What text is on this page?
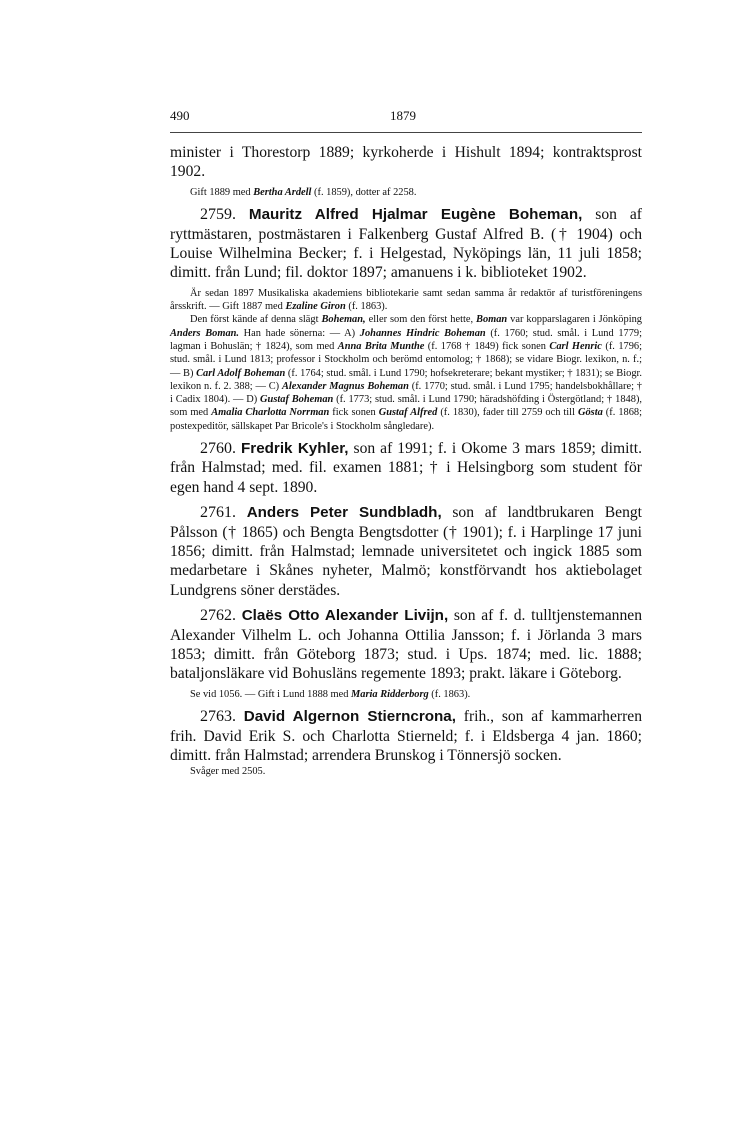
490	1879

minister i Thorestorp 1889; kyrkoherde i Hishult 1894; kontraktsprost 1902.

Gift 1889 med Bertha Ardell (f. 1859), dotter af 2258.

2759. Mauritz Alfred Hjalmar Eugène Boheman, son af ryttmästaren, postmästaren i Falkenberg Gustaf Alfred B. († 1904) och Louise Wilhelmina Becker; f. i Helgestad, Nyköpings län, 11 juli 1858; dimitt. från Lund; fil. doktor 1897; amanuens i k. biblioteket 1902.

Är sedan 1897 Musikaliska akademiens bibliotekarie samt sedan samma år redaktör af turistföreningens årsskrift. — Gift 1887 med Ezaline Giron (f. 1863).

Den först kände af denna slägt Boheman, eller som den först hette, Boman var kopparslagaren i Jönköping Anders Boman. Han hade sönerna: — A) Johannes Hindric Boheman (f. 1760; stud. smål. i Lund 1779; lagman i Bohuslän; † 1824), som med Anna Brita Munthe (f. 1768 † 1849) fick sonen Carl Henric (f. 1796; stud. smål. i Lund 1813; professor i Stockholm och berömd entomolog; † 1868); se vidare Biogr. lexikon, n. f.; — B) Carl Adolf Boheman (f. 1764; stud. smål. i Lund 1790; hofsekreterare; bekant mystiker; † 1831); se Biogr. lexikon n. f. 2. 388; — C) Alexander Magnus Boheman (f. 1770; stud. smål. i Lund 1795; handelsbokhållare; † i Cadix 1804). — D) Gustaf Boheman (f. 1773; stud. smål. i Lund 1790; häradshöfding i Östergötland; † 1848), som med Amalia Charlotta Norrman fick sonen Gustaf Alfred (f. 1830), fader till 2759 och till Gösta (f. 1868; postexpeditör, sällskapet Par Bricole's i Stockholm sångledare).

2760. Fredrik Kyhler, son af 1991; f. i Okome 3 mars 1859; dimitt. från Halmstad; med. fil. examen 1881; † i Helsingborg som student för egen hand 4 sept. 1890.

2761. Anders Peter Sundbladh, son af landtbrukaren Bengt Pålsson († 1865) och Bengta Bengtsdotter († 1901); f. i Harplinge 17 juni 1856; dimitt. från Halmstad; lemnade universitetet och ingick 1885 som medarbetare i Skånes nyheter, Malmö; konstförvandt hos aktiebolaget Lundgrens söner derstädes.

2762. Claës Otto Alexander Livijn, son af f. d. tulltjenstemannen Alexander Vilhelm L. och Johanna Ottilia Jansson; f. i Jörlanda 3 mars 1853; dimitt. från Göteborg 1873; stud. i Ups. 1874; med. lic. 1888; bataljonsläkare vid Bohusläns regemente 1893; prakt. läkare i Göteborg.

Se vid 1056. — Gift i Lund 1888 med Maria Ridderborg (f. 1863).

2763. David Algernon Stierncrona, frih., son af kammarherren frih. David Erik S. och Charlotta Stierneld; f. i Eldsberga 4 jan. 1860; dimitt. från Halmstad; arrendera Brunskog i Tönnersjö socken.

Svåger med 2505.
